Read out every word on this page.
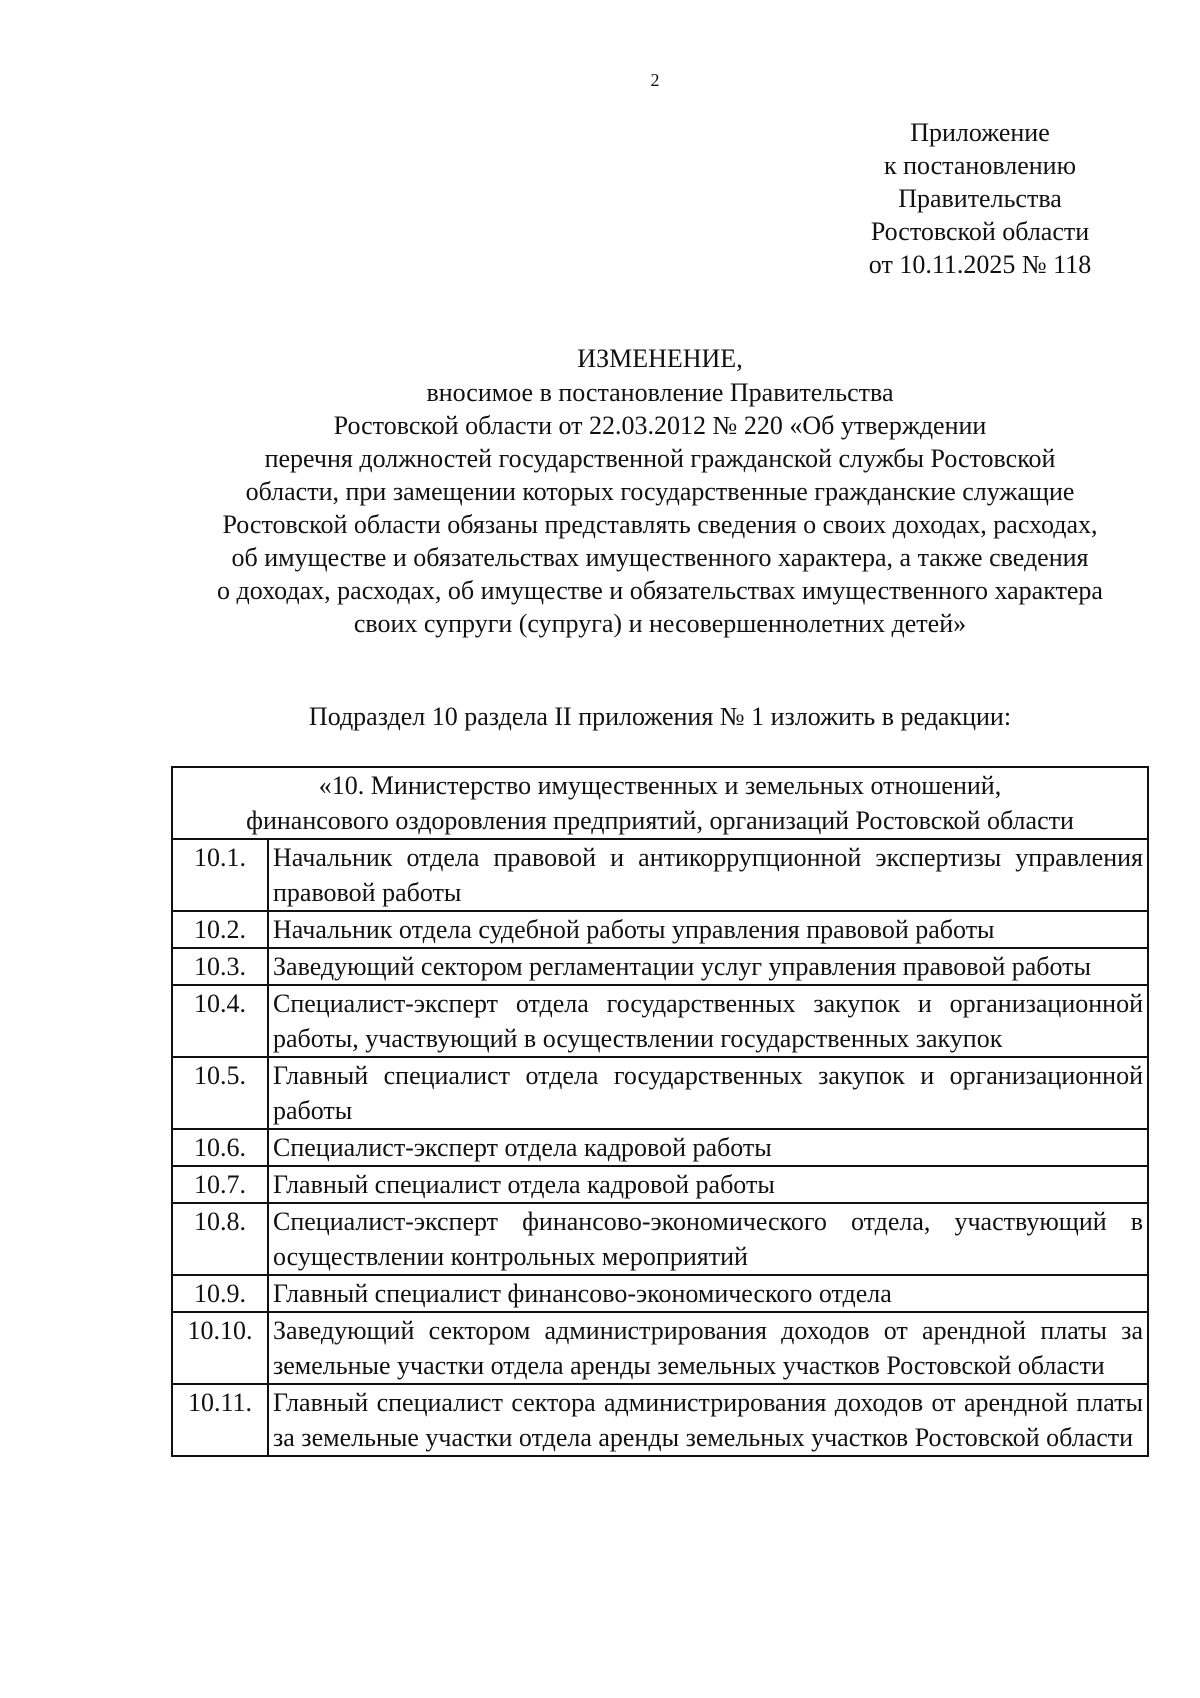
2
Приложение
к постановлению
Правительства
Ростовской области
от 10.11.2025 № 118
ИЗМЕНЕНИЕ,
вносимое в постановление Правительства
Ростовской области от 22.03.2012 № 220 «Об утверждении
перечня должностей государственной гражданской службы Ростовской
области, при замещении которых государственные гражданские служащие
Ростовской области обязаны представлять сведения о своих доходах, расходах,
об имуществе и обязательствах имущественного характера, а также сведения
о доходах, расходах, об имуществе и обязательствах имущественного характера
своих супруги (супруга) и несовершеннолетних детей»
Подраздел 10 раздела II приложения № 1 изложить в редакции:
«10. Министерство имущественных и земельных отношений,
финансового оздоровления предприятий, организаций Ростовской области	

10.1.	Начальник отдела правовой и антикоррупционной экспертизы управления правовой работы
10.2.	Начальник отдела судебной работы управления правовой работы
10.3.	Заведующий сектором регламентации услуг управления правовой работы
10.4.	Специалист-эксперт отдела государственных закупок и организационной работы, участвующий в осуществлении государственных закупок
10.5.	Главный специалист отдела государственных закупок и организационной работы
10.6.	Специалист-эксперт отдела кадровой работы
10.7.	Главный специалист отдела кадровой работы
10.8.	Специалист-эксперт финансово-экономического отдела, участвующий в осуществлении контрольных мероприятий
10.9.	Главный специалист финансово-экономического отдела
10.10.	Заведующий сектором администрирования доходов от арендной платы за земельные участки отдела аренды земельных участков Ростовской области
10.11.	Главный специалист сектора администрирования доходов от арендной платы за земельные участки отдела аренды земельных участков Ростовской области
